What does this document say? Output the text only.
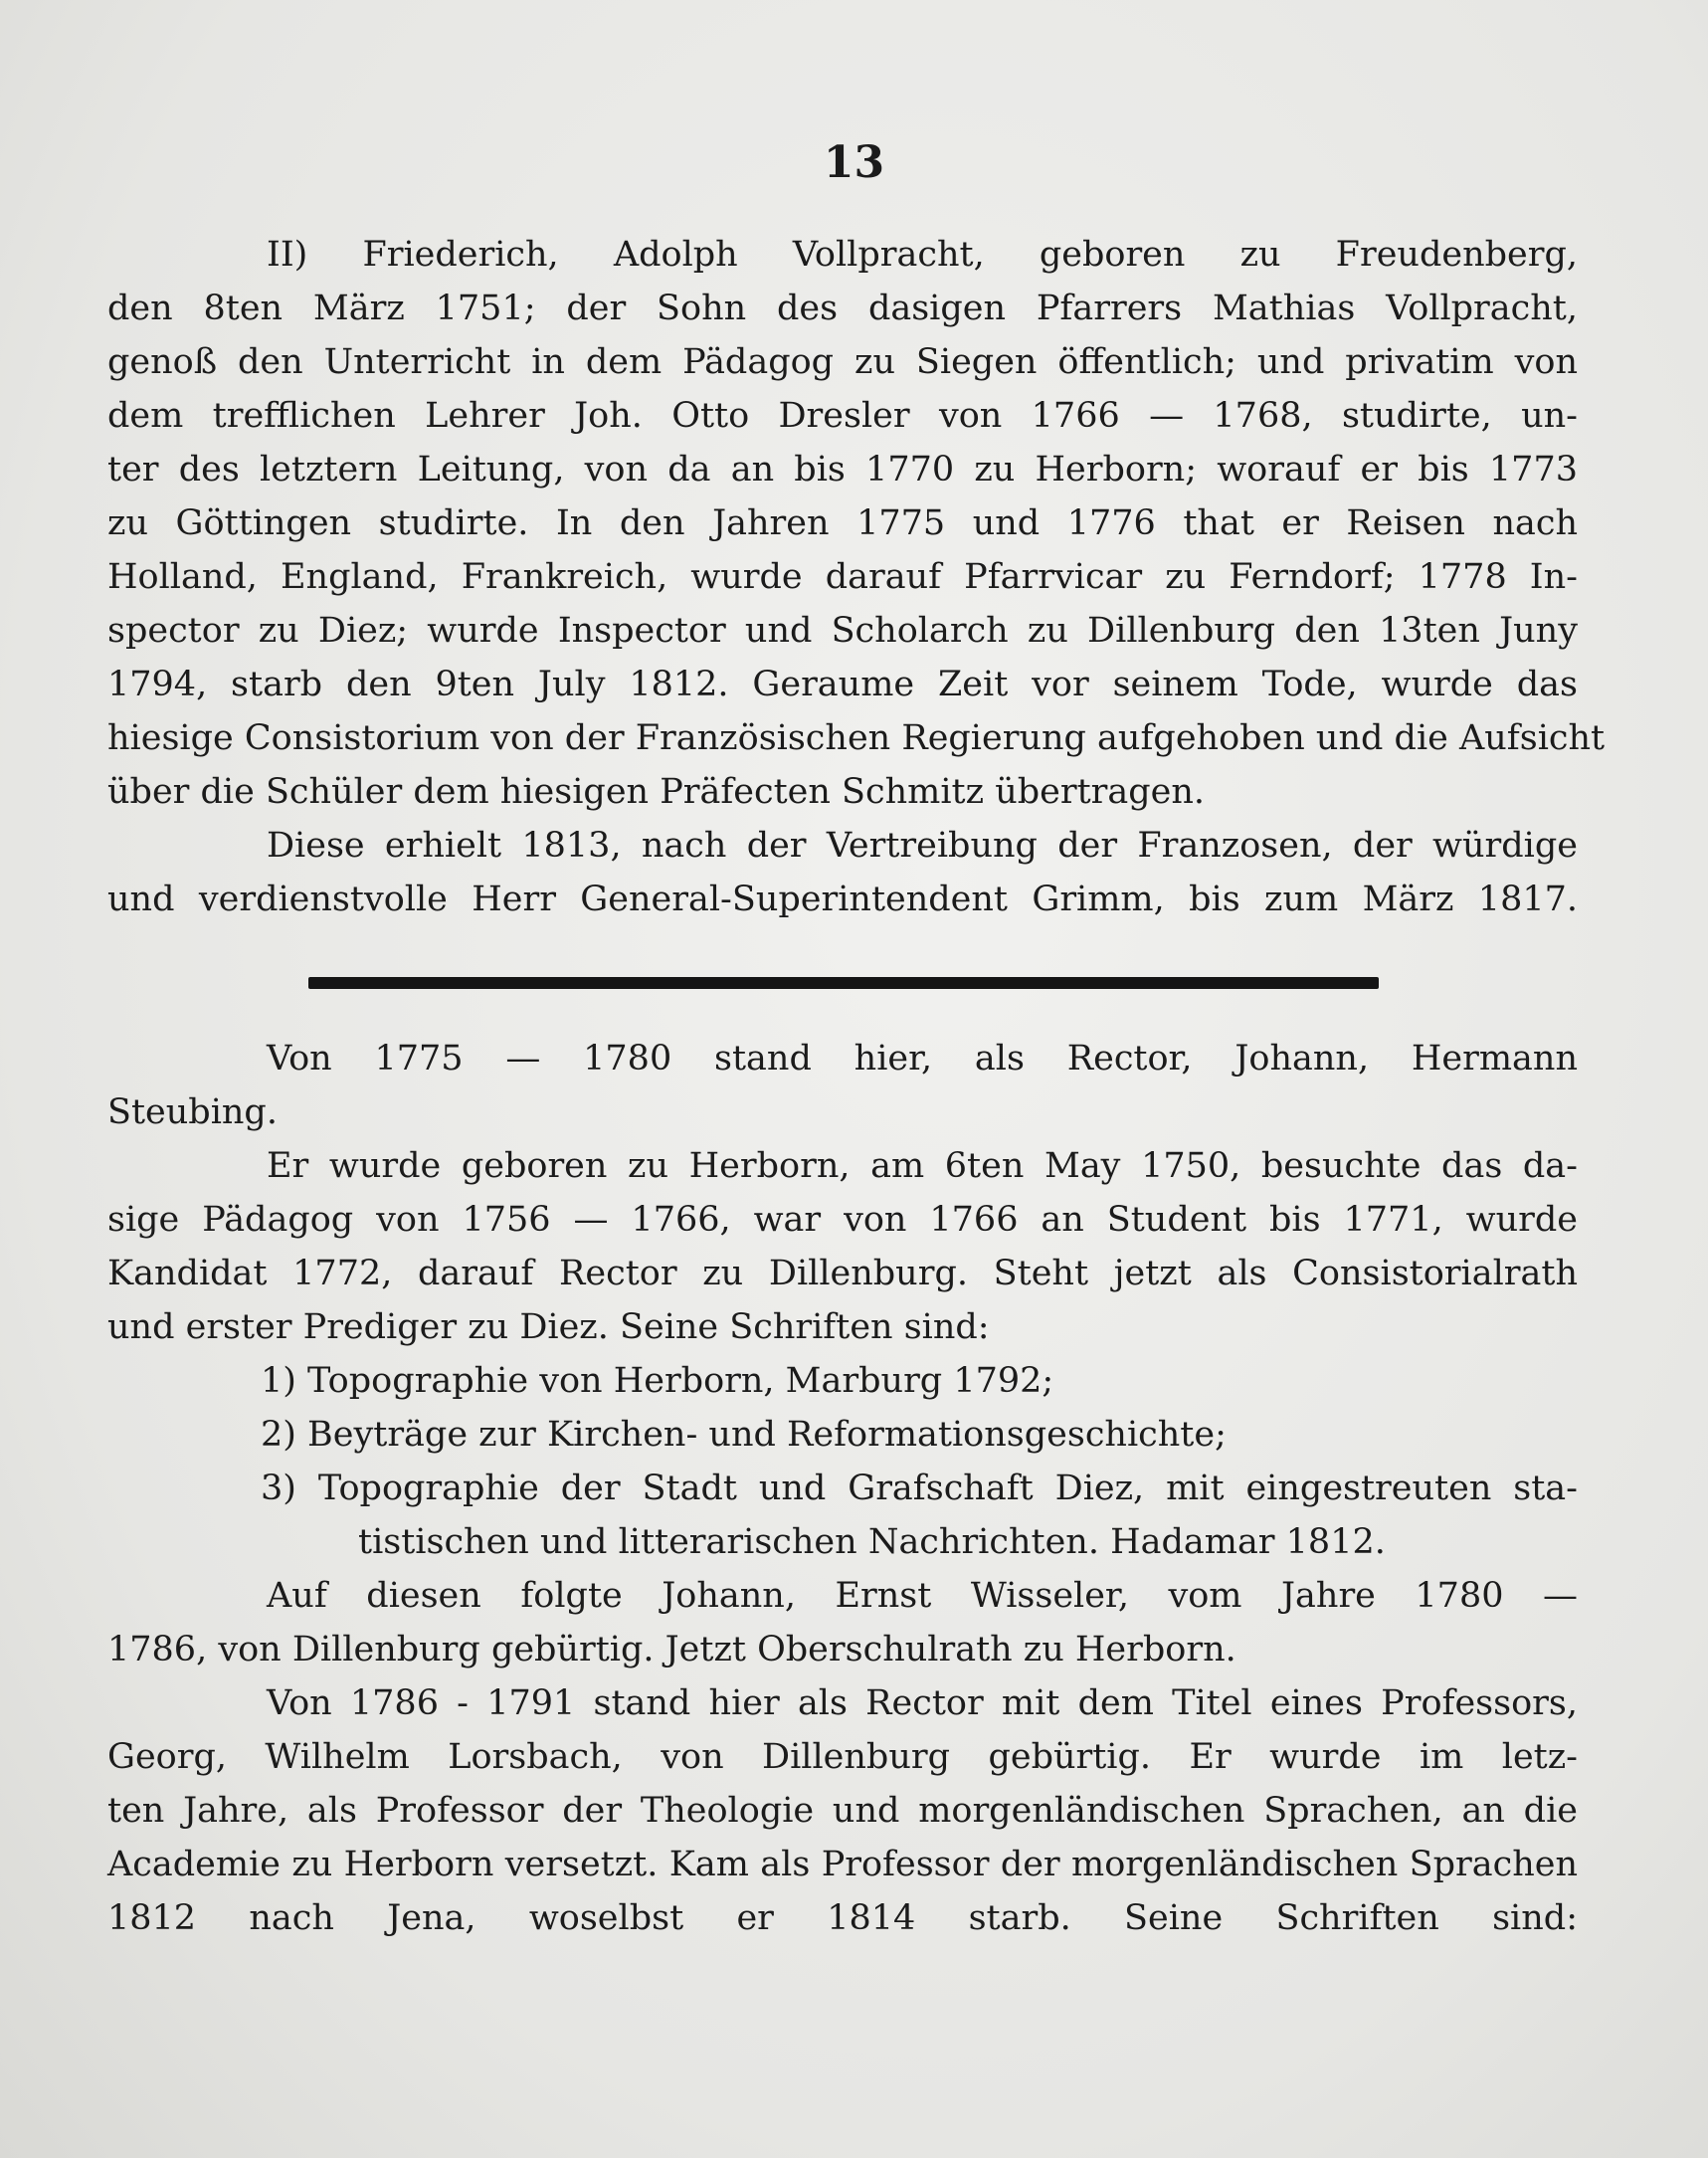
13
II) Friederich, Adolph Vollpracht, geboren zu Freudenberg,
den 8ten März 1751; der Sohn des dasigen Pfarrers Mathias Vollpracht,
genoß den Unterricht in dem Pädagog zu Siegen öffentlich; und privatim von
dem trefflichen Lehrer Joh. Otto Dresler von 1766 — 1768, studirte, un-
ter des letztern Leitung, von da an bis 1770 zu Herborn; worauf er bis 1773
zu Göttingen studirte. In den Jahren 1775 und 1776 that er Reisen nach
Holland, England, Frankreich, wurde darauf Pfarrvicar zu Ferndorf; 1778 In-
spector zu Diez; wurde Inspector und Scholarch zu Dillenburg den 13ten Juny
1794, starb den 9ten July 1812. Geraume Zeit vor seinem Tode, wurde das
hiesige Consistorium von der Französischen Regierung aufgehoben und die Aufsicht
über die Schüler dem hiesigen Präfecten Schmitz übertragen.
Diese erhielt 1813, nach der Vertreibung der Franzosen, der würdige
und verdienstvolle Herr General-Superintendent Grimm, bis zum März 1817.
Von 1775 — 1780 stand hier, als Rector, Johann, Hermann
Steubing.
Er wurde geboren zu Herborn, am 6ten May 1750, besuchte das da-
sige Pädagog von 1756 — 1766, war von 1766 an Student bis 1771, wurde
Kandidat 1772, darauf Rector zu Dillenburg. Steht jetzt als Consistorialrath
und erster Prediger zu Diez. Seine Schriften sind:
1) Topographie von Herborn, Marburg 1792;
2) Beyträge zur Kirchen- und Reformationsgeschichte;
3) Topographie der Stadt und Grafschaft Diez, mit eingestreuten sta-
tistischen und litterarischen Nachrichten. Hadamar 1812.
Auf diesen folgte Johann, Ernst Wisseler, vom Jahre 1780 —
1786, von Dillenburg gebürtig. Jetzt Oberschulrath zu Herborn.
Von 1786 - 1791 stand hier als Rector mit dem Titel eines Professors,
Georg, Wilhelm Lorsbach, von Dillenburg gebürtig. Er wurde im letz-
ten Jahre, als Professor der Theologie und morgenländischen Sprachen, an die
Academie zu Herborn versetzt. Kam als Professor der morgenländischen Sprachen
1812 nach Jena, woselbst er 1814 starb. Seine Schriften sind:
